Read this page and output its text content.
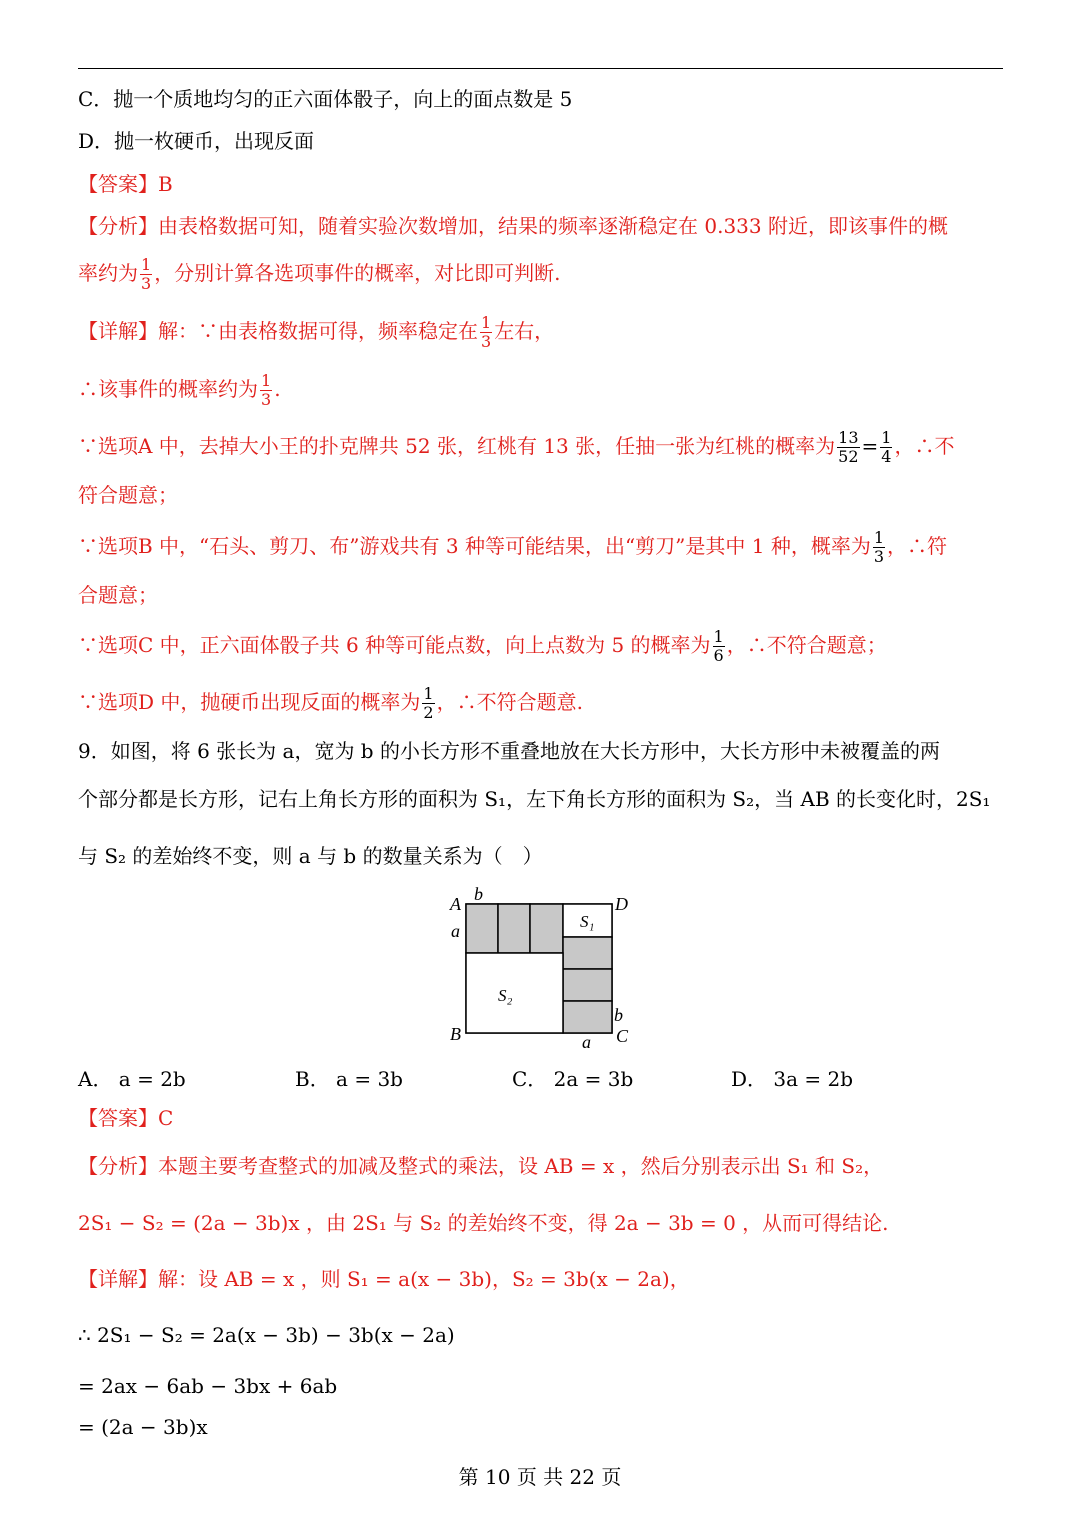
C．抛一个质地均匀的正六面体骰子，向上的面点数是 5
D．抛一枚硬币，出现反面
【答案】B
【分析】由表格数据可知，随着实验次数增加，结果的频率逐渐稳定在 0.333 附近，即该事件的概
率约为 $\frac{1}{3}$ ，分别计算各选项事件的概率，对比即可判断.
【详解】解：∵由表格数据可得，频率稳定在 $\frac{1}{3}$ 左右，
∴该事件的概率约为 $\frac{1}{3}$ .
∵选项A 中，去掉大小王的扑克牌共 52 张，红桃有 13 张，任抽一张为红桃的概率为 $\frac{13}{52} = \frac{1}{4}$ ，∴不
符合题意；
∵选项B 中，“石头、剪刀、布”游戏共有 3 种等可能结果，出“剪刀”是其中 1 种，概率为 $\frac{1}{3}$ ，∴符
合题意；
∵选项C 中，正六面体骰子共 6 种等可能点数，向上点数为 5 的概率为 $\frac{1}{6}$ ，∴不符合题意；
∵选项D 中，抛硬币出现反面的概率为 $\frac{1}{2}$ ，∴不符合题意.
9．如图，将 6 张长为 a，宽为 b 的小长方形不重叠地放在大长方形中，大长方形中未被覆盖的两
个部分都是长方形，记右上角长方形的面积为 S₁，左下角长方形的面积为 S₂，当 AB 的长变化时，2S₁
与 S₂ 的差始终不变，则 a 与 b 的数量关系为（　）
A b	D
a	S₁
S₂
b
B	C
a
A． a = 2b	B． a = 3b	C． 2a = 3b	D． 3a = 2b
【答案】C
【分析】本题主要考查整式的加减及整式的乘法，设 AB = x ，然后分别表示出 S₁ 和 S₂，
2S₁ − S₂ = (2a − 3b)x ，由 2S₁ 与 S₂ 的差始终不变，得 2a − 3b = 0 ，从而可得结论.
【详解】解：设 AB = x ，则 S₁ = a(x − 3b)，S₂ = 3b(x − 2a)，
∴ 2S₁ − S₂ = 2a(x − 3b) − 3b(x − 2a)
= 2ax − 6ab − 3bx + 6ab
= (2a − 3b)x
第 10 页 共 22 页
